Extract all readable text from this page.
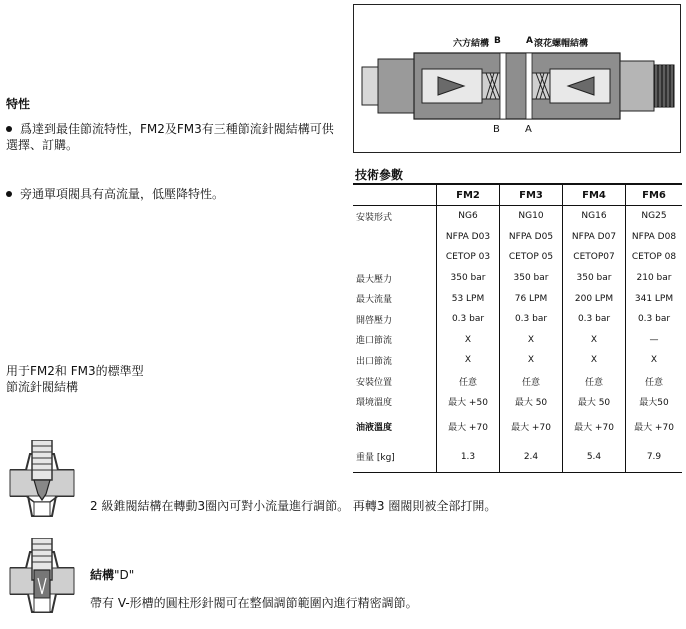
特性
爲達到最佳節流特性，FM2及FM3有三種節流針閥結構可供選擇、訂購。
旁通單項閥具有高流量，低壓降特性。
用于FM2和 FM3的標準型
節流針閥結構
2 級錐閥結構在轉動3圈內可對小流量進行調節。 再轉3 圈閥則被全部打開。
結構"D"
帶有 V-形槽的圓柱形針閥可在整個調節範圍內進行精密調節。
六方結構 B	A 滾花螺帽結構
B	A
技術參數
	FM2	FM3	FM4	FM6
安裝形式	NG6	NG10	NG16	NG25
	NFPA D03	NFPA D05	NFPA D07	NFPA D08
	CETOP 03	CETOP 05	CETOP07	CETOP 08
最大壓力	350 bar	350 bar	350 bar	210 bar
最大流量	53 LPM	76 LPM	200 LPM	341 LPM
開啓壓力	0.3 bar	0.3 bar	0.3 bar	0.3 bar
進口節流	X	X	X	—
出口節流	X	X	X	X
安裝位置	任意	任意	任意	任意
環境溫度	最大 +50	最大 50	最大 50	最大50
油液溫度	最大 +70	最大 +70	最大 +70	最大 +70
重量 [kg]	1.3	2.4	5.4	7.9
